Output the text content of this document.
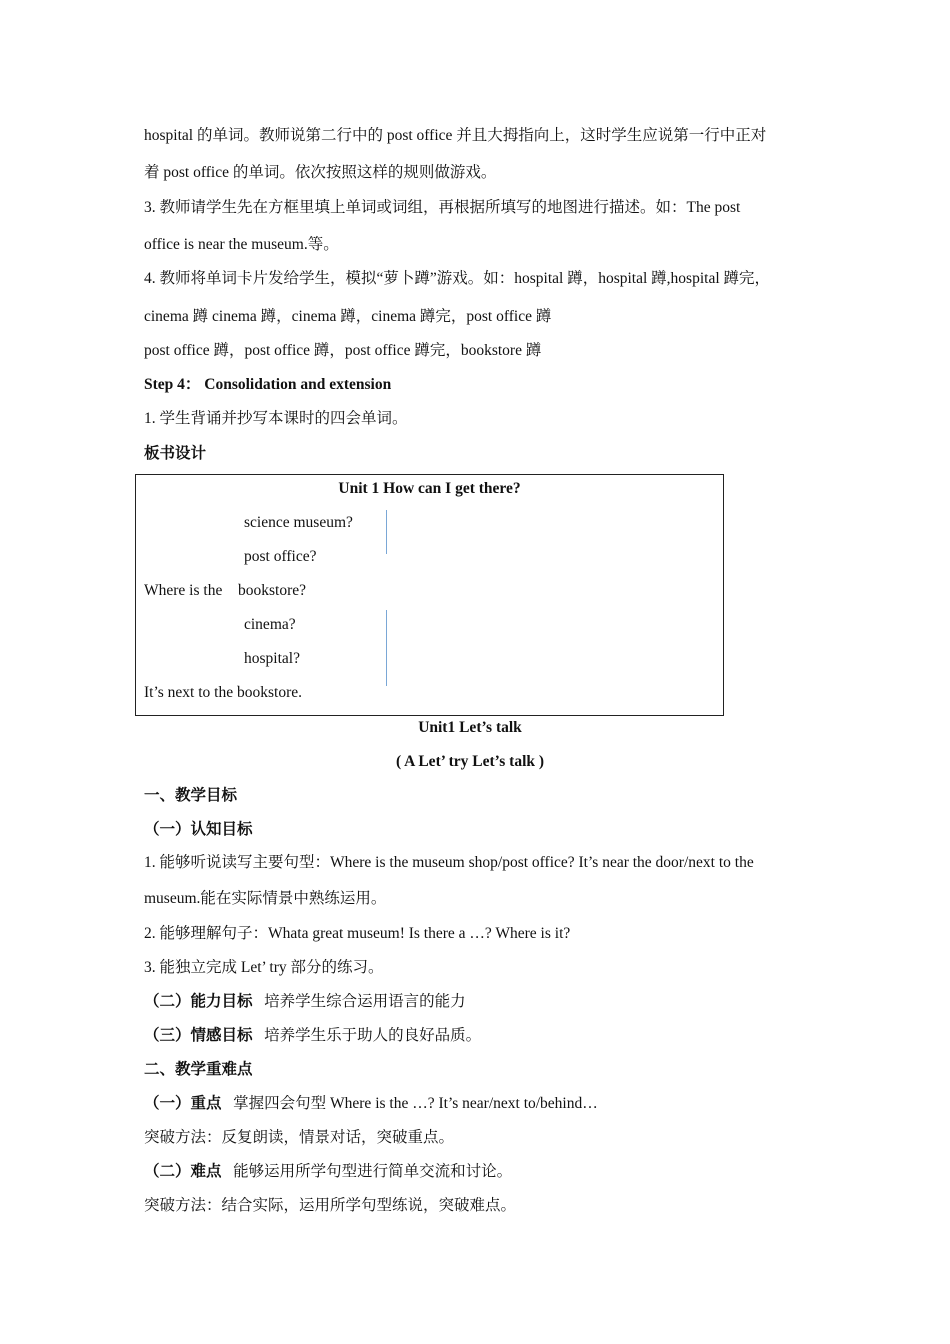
hospital 的单词。教师说第二行中的 post office 并且大拇指向上，这时学生应说第一行中正对
着 post office 的单词。依次按照这样的规则做游戏。
3. 教师请学生先在方框里填上单词或词组，再根据所填写的地图进行描述。如：The post
office is near the museum.等。
4. 教师将单词卡片发给学生，模拟“萝卜蹲”游戏。如：hospital 蹲，hospital 蹲,hospital 蹲完，
cinema 蹲 cinema 蹲，cinema 蹲，cinema 蹲完，post office 蹲
post office 蹲，post office 蹲，post office 蹲完，bookstore 蹲
Step 4： Consolidation and extension
1. 学生背诵并抄写本课时的四会单词。
板书设计
Unit 1 How can I get there?
science museum?
post office?
Where is the bookstore?
cinema?
hospital?
It’s next to the bookstore.
Unit1 Let’s talk
( A Let’ try Let’s talk )
一、教学目标
（一）认知目标
1. 能够听说读写主要句型：Where is the museum shop/post office? It’s near the door/next to the
museum.能在实际情景中熟练运用。
2. 能够理解句子：Whata great museum! Is there a …? Where is it?
3. 能独立完成 Let’ try 部分的练习。
（二）能力目标 培养学生综合运用语言的能力
（三）情感目标 培养学生乐于助人的良好品质。
二、教学重难点
（一）重点 掌握四会句型 Where is the …? It’s near/next to/behind…
突破方法：反复朗读，情景对话，突破重点。
（二）难点 能够运用所学句型进行简单交流和讨论。
突破方法：结合实际，运用所学句型练说，突破难点。
